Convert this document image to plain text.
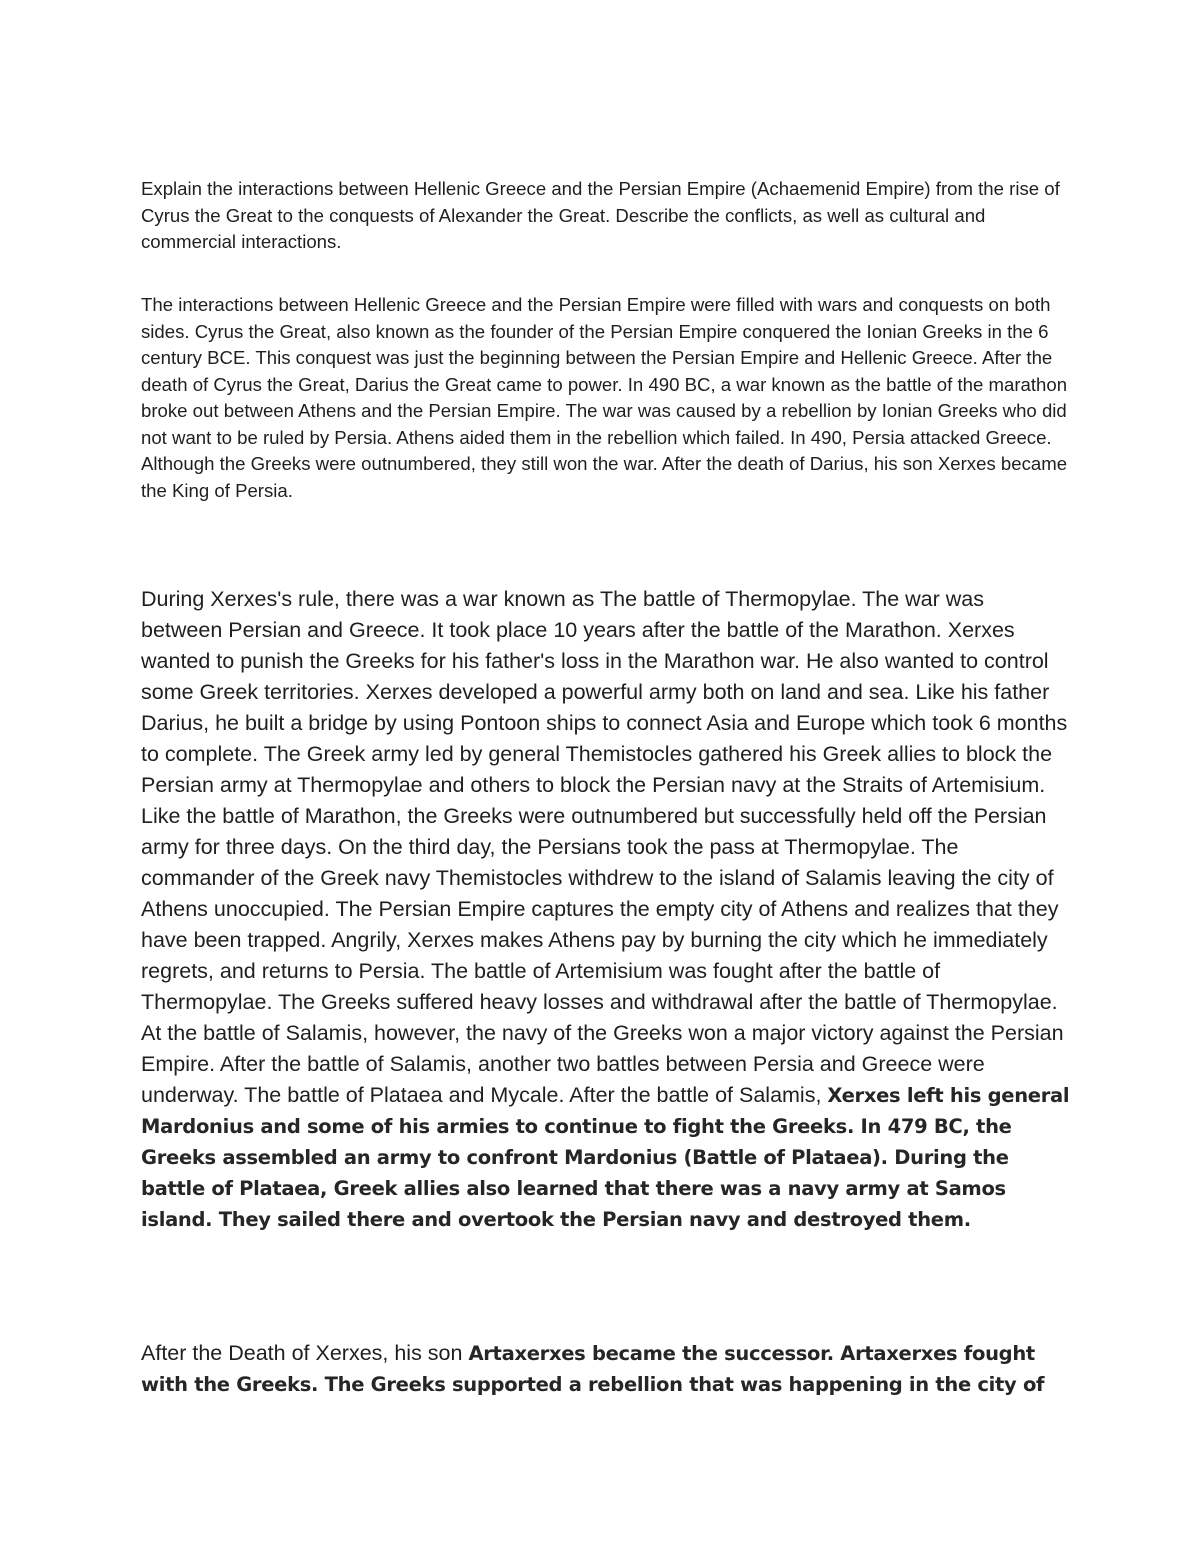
Explain the interactions between Hellenic Greece and the Persian Empire (Achaemenid Empire) from the rise of Cyrus the Great to the conquests of Alexander the Great. Describe the conflicts, as well as cultural and commercial interactions.

The interactions between Hellenic Greece and the Persian Empire were filled with wars and conquests on both sides. Cyrus the Great, also known as the founder of the Persian Empire conquered the Ionian Greeks in the 6 century BCE. This conquest was just the beginning between the Persian Empire and Hellenic Greece. After the death of Cyrus the Great, Darius the Great came to power. In 490 BC, a war known as the battle of the marathon broke out between Athens and the Persian Empire. The war was caused by a rebellion by Ionian Greeks who did not want to be ruled by Persia. Athens aided them in the rebellion which failed. In 490, Persia attacked Greece. Although the Greeks were outnumbered, they still won the war. After the death of Darius, his son Xerxes became the King of Persia.

During Xerxes's rule, there was a war known as The battle of Thermopylae. The war was between Persian and Greece. It took place 10 years after the battle of the Marathon. Xerxes wanted to punish the Greeks for his father's loss in the Marathon war. He also wanted to control some Greek territories. Xerxes developed a powerful army both on land and sea. Like his father Darius, he built a bridge by using Pontoon ships to connect Asia and Europe which took 6 months to complete. The Greek army led by general Themistocles gathered his Greek allies to block the Persian army at Thermopylae and others to block the Persian navy at the Straits of Artemisium. Like the battle of Marathon, the Greeks were outnumbered but successfully held off the Persian army for three days. On the third day, the Persians took the pass at Thermopylae. The commander of the Greek navy Themistocles withdrew to the island of Salamis leaving the city of Athens unoccupied. The Persian Empire captures the empty city of Athens and realizes that they have been trapped. Angrily, Xerxes makes Athens pay by burning the city which he immediately regrets, and returns to Persia. The battle of Artemisium was fought after the battle of Thermopylae. The Greeks suffered heavy losses and withdrawal after the battle of Thermopylae. At the battle of Salamis, however, the navy of the Greeks won a major victory against the Persian Empire. After the battle of Salamis, another two battles between Persia and Greece were underway. The battle of Plataea and Mycale. After the battle of Salamis, Xerxes left his general Mardonius and some of his armies to continue to fight the Greeks. In 479 BC, the Greeks assembled an army to confront Mardonius (Battle of Plataea). During the battle of Plataea, Greek allies also learned that there was a navy army at Samos island. They sailed there and overtook the Persian navy and destroyed them.

After the Death of Xerxes, his son Artaxerxes became the successor. Artaxerxes fought with the Greeks. The Greeks supported a rebellion that was happening in the city of
